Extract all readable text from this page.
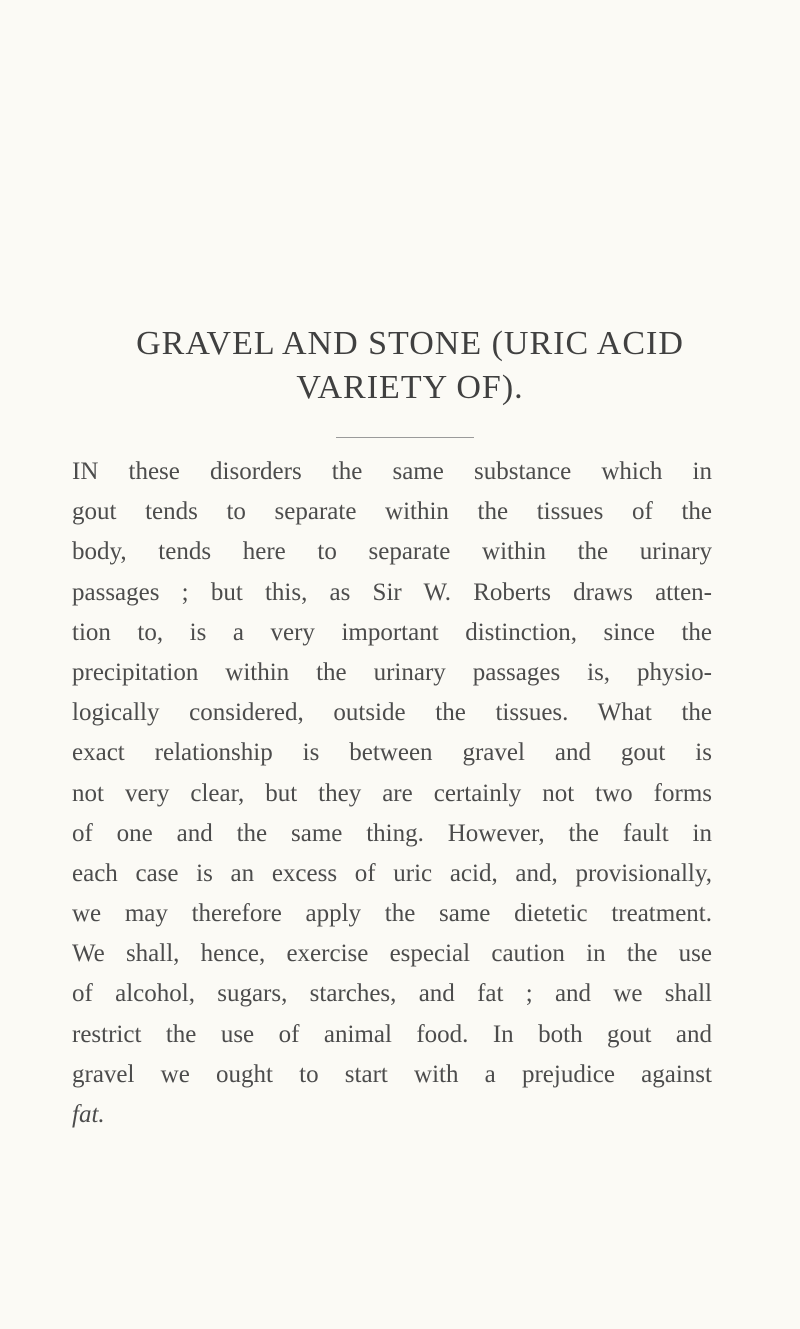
GRAVEL AND STONE (URIC ACID
VARIETY OF).
IN these disorders the same substance which in
gout tends to separate within the tissues of the
body, tends here to separate within the urinary
passages ; but this, as Sir W. Roberts draws atten-
tion to, is a very important distinction, since the
precipitation within the urinary passages is, physio-
logically considered, outside the tissues. What the
exact relationship is between gravel and gout is
not very clear, but they are certainly not two forms
of one and the same thing. However, the fault in
each case is an excess of uric acid, and, provisionally,
we may therefore apply the same dietetic treatment.
We shall, hence, exercise especial caution in the use
of alcohol, sugars, starches, and fat ; and we shall
restrict the use of animal food. In both gout and
gravel we ought to start with a prejudice against
fat.
